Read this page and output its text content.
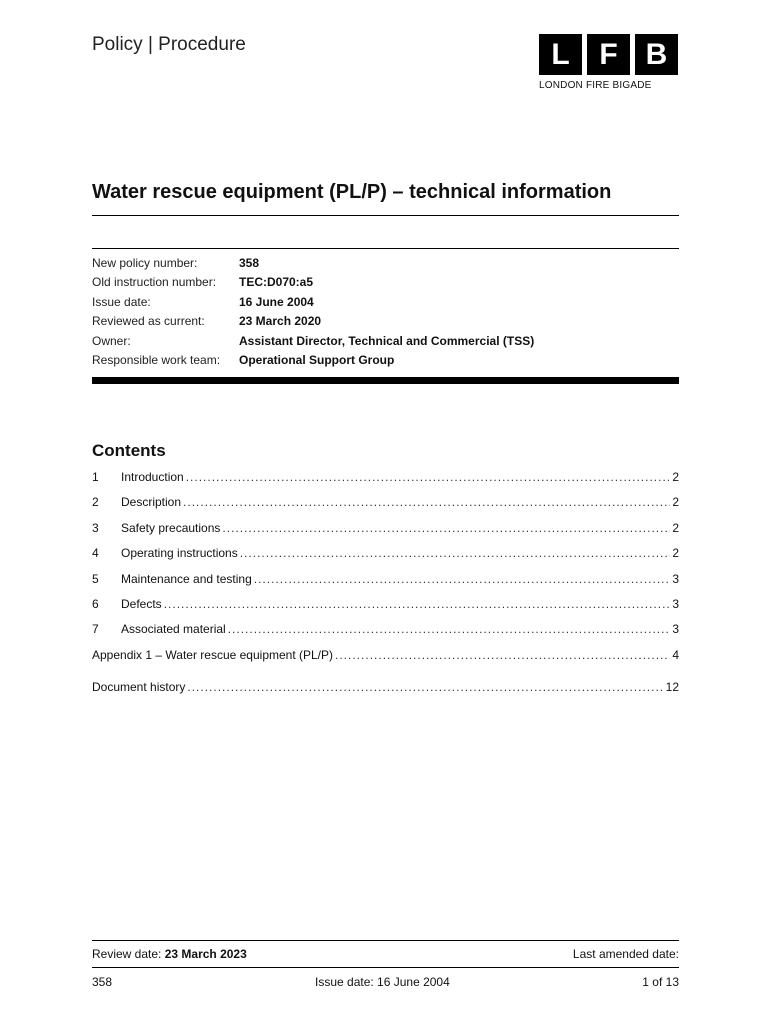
Policy | Procedure	L F B
LONDON FIRE BIGADE
Water rescue equipment (PL/P) – technical information
New policy number:	358
Old instruction number:	TEC:D070:a5
Issue date:	16 June 2004
Reviewed as current:	23 March 2020
Owner:	Assistant Director, Technical and Commercial (TSS)
Responsible work team:	Operational Support Group
Contents
1	Introduction .....	2
2	Description .....	2
3	Safety precautions .....	2
4	Operating instructions .....	2
5	Maintenance and testing .....	3
6	Defects .....	3
7	Associated material .....	3
Appendix 1 – Water rescue equipment (PL/P) .....	4
Document history .....	12
Review date: 23 March 2023	Last amended date:
358	Issue date: 16 June 2004	1 of 13
